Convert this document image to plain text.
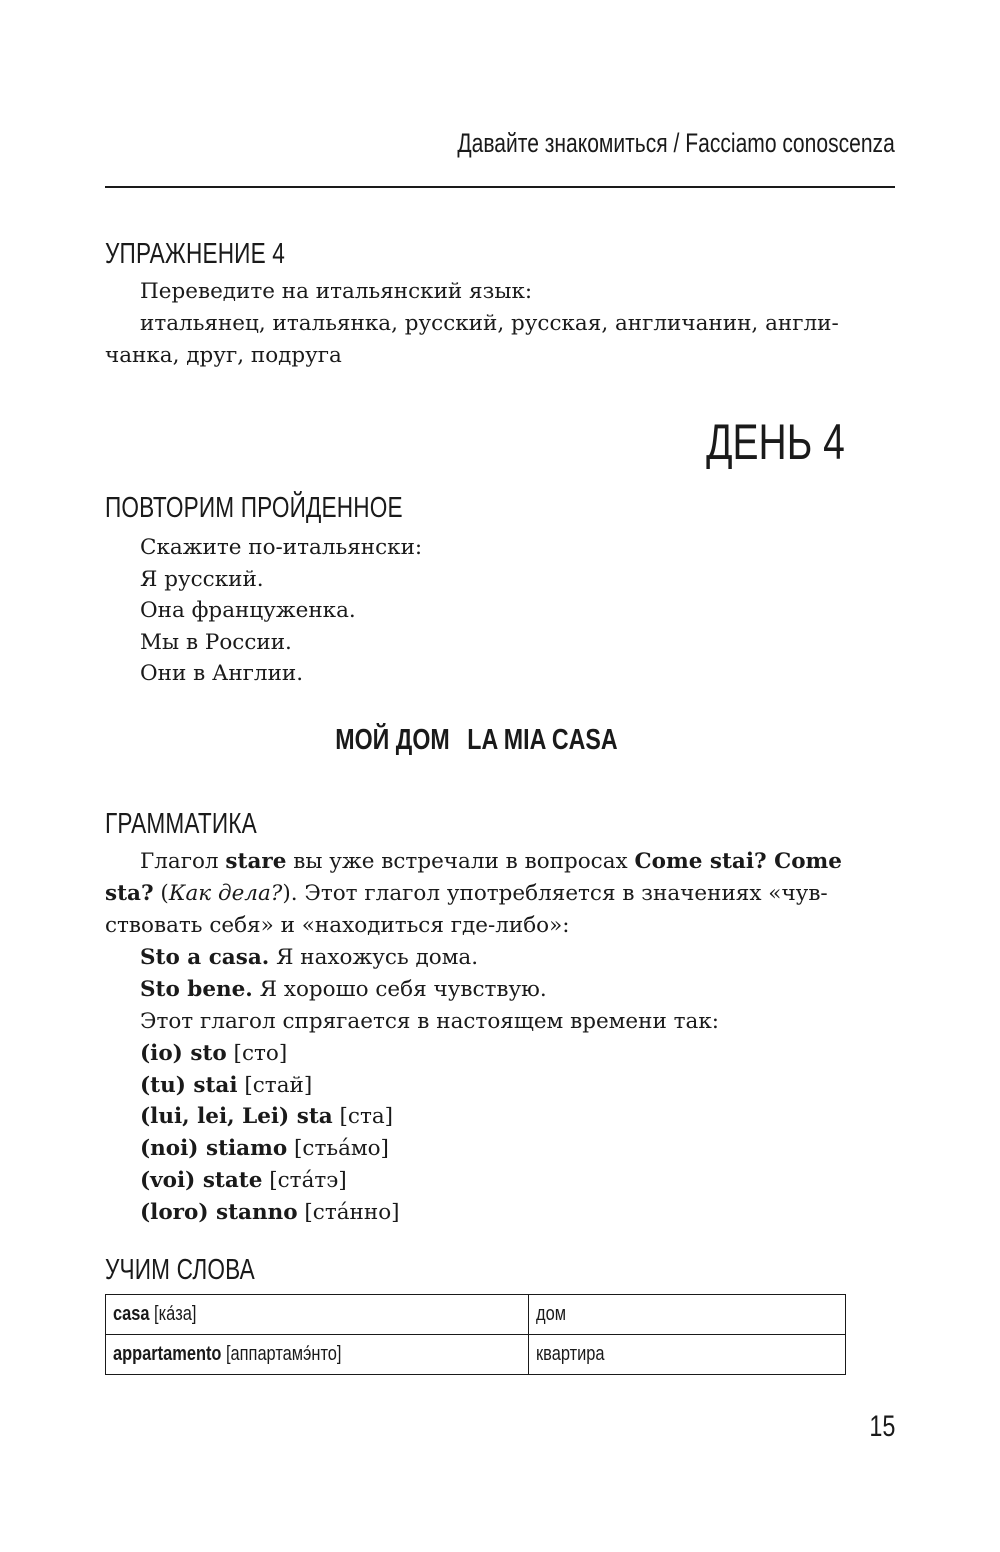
Давайте знакомиться / Facciamo conoscenza
УПРАЖНЕНИЕ 4
Переведите на итальянский язык:
итальянец, итальянка, русский, русская, англичанин, англи-
чанка, друг, подруга
ДЕНЬ 4
ПОВТОРИМ ПРОЙДЕННОЕ
Скажите по-итальянски:
Я русский.
Она француженка.
Мы в России.
Они в Англии.
МОЙ ДОМ LA MIA CASA
ГРАММАТИКА
Глагол stare вы уже встречали в вопросах Come stai? Come
sta? (Как дела?). Этот глагол употребляется в значениях «чув-
ствовать себя» и «находиться где-либо»:
Sto a casa. Я нахожусь дома.
Sto bene. Я хорошо себя чувствую.
Этот глагол спрягается в настоящем времени так:
(io) sto [сто]
(tu) stai [стай]
(lui, lei, Lei) sta [ста]
(noi) stiamo [стьа́мо]
(voi) state [ста́тэ]
(loro) stanno [ста́нно]
УЧИМ СЛОВА
casa [ка́за]	дом
appartamento [аппартамэ́нто]	квартира
15
